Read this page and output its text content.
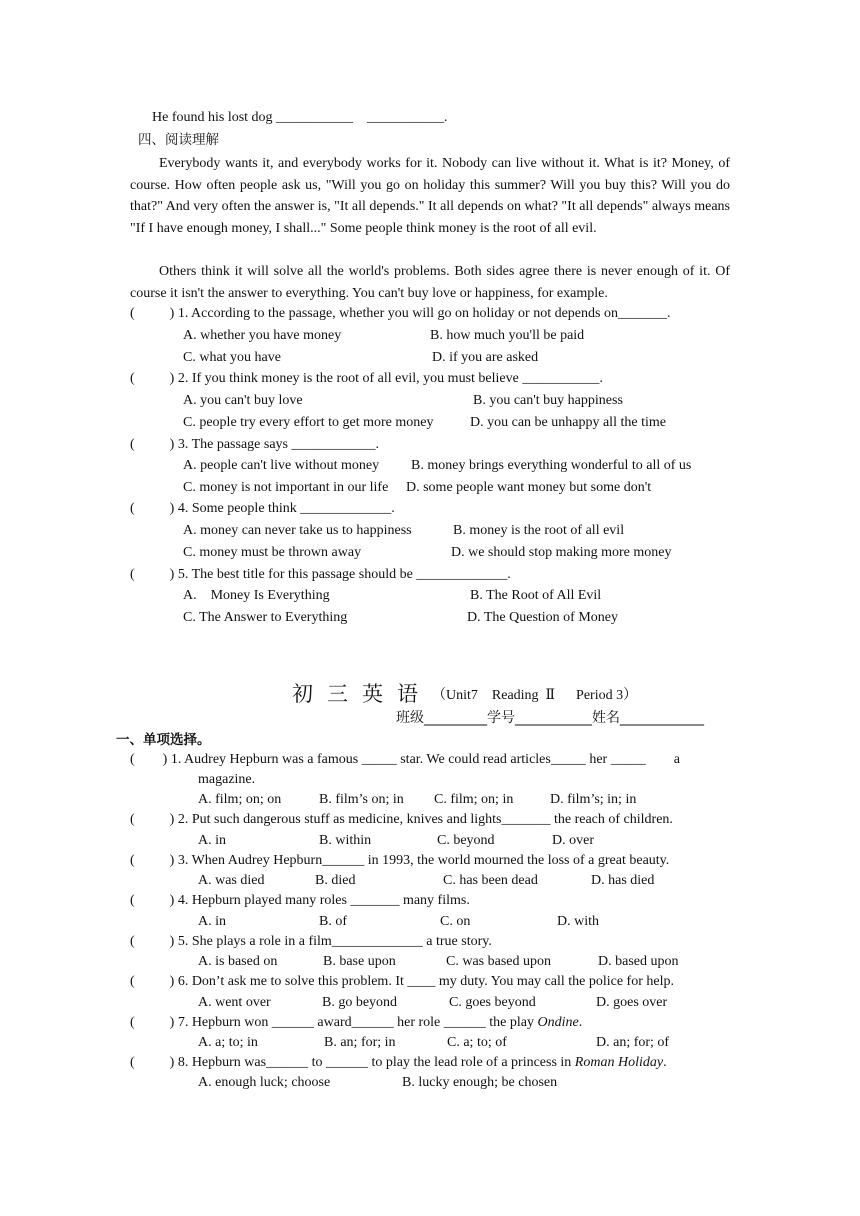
He found his lost dog ___________    ___________.
四、阅读理解
Everybody wants it, and everybody works for it. Nobody can live without it. What is it? Money, of course. How often people ask us, "Will you go on holiday this summer? Will you buy this? Will you do that?" And very often the answer is, "It all depends." It all depends on what? "It all depends" always means "If I have enough money, I shall..." Some people think money is the root of all evil.
Others think it will solve all the world's problems. Both sides agree there is never enough of it. Of course it isn't the answer to everything. You can't buy love or happiness, for example.
(          ) 1. According to the passage, whether you will go on holiday or not depends on_______.
A. whether you have money	B. how much you'll be paid
C. what you have	D. if you are asked
(          ) 2. If you think money is the root of all evil, you must believe ___________.
A. you can't buy love	B. you can't buy happiness
C. people try every effort to get more money	D. you can be unhappy all the time
(          ) 3. The passage says ____________.
A. people can't live without money B. money brings everything wonderful to all of us
C. money is not important in our life D. some people want money but some don't
(          ) 4. Some people think _____________.
A. money can never take us to happiness	B. money is the root of all evil
C. money must be thrown away	D. we should stop making more money
(          ) 5. The best title for this passage should be _____________.
A.    Money Is Everything	B. The Root of All Evil
C. The Answer to Everything	D. The Question of Money
初三英语 （Unit7    Reading  Ⅱ      Period 3）
班级_________学号___________姓名____________
一、单项选择。
(        ) 1. Audrey Hepburn was a famous _____ star. We could read articles_____ her _____        a
magazine.
A. film; on; on	B. film’s on; in C. film; on; in	D. film’s; in; in
(          ) 2. Put such dangerous stuff as medicine, knives and lights_______ the reach of children.
A. in	B. within	C. beyond	D. over
(          ) 3. When Audrey Hepburn______ in 1993, the world mourned the loss of a great beauty.
A. was died	B. died	C. has been dead	D. has died
(          ) 4. Hepburn played many roles _______ many films.
A. in	B. of	C. on	D. with
(          ) 5. She plays a role in a film_____________ a true story.
A. is based on	B. base upon	C. was based upon	D. based upon
(          ) 6. Don’t ask me to solve this problem. It ____ my duty. You may call the police for help.
A. went over	B. go beyond	C. goes beyond	D. goes over
(          ) 7. Hepburn won ______ award______ her role ______ the play Ondine.
A. a; to; in	B. an; for; in	C. a; to; of	D. an; for; of
(          ) 8. Hepburn was______ to ______ to play the lead role of a princess in Roman Holiday.
A. enough luck; choose	B. lucky enough; be chosen
